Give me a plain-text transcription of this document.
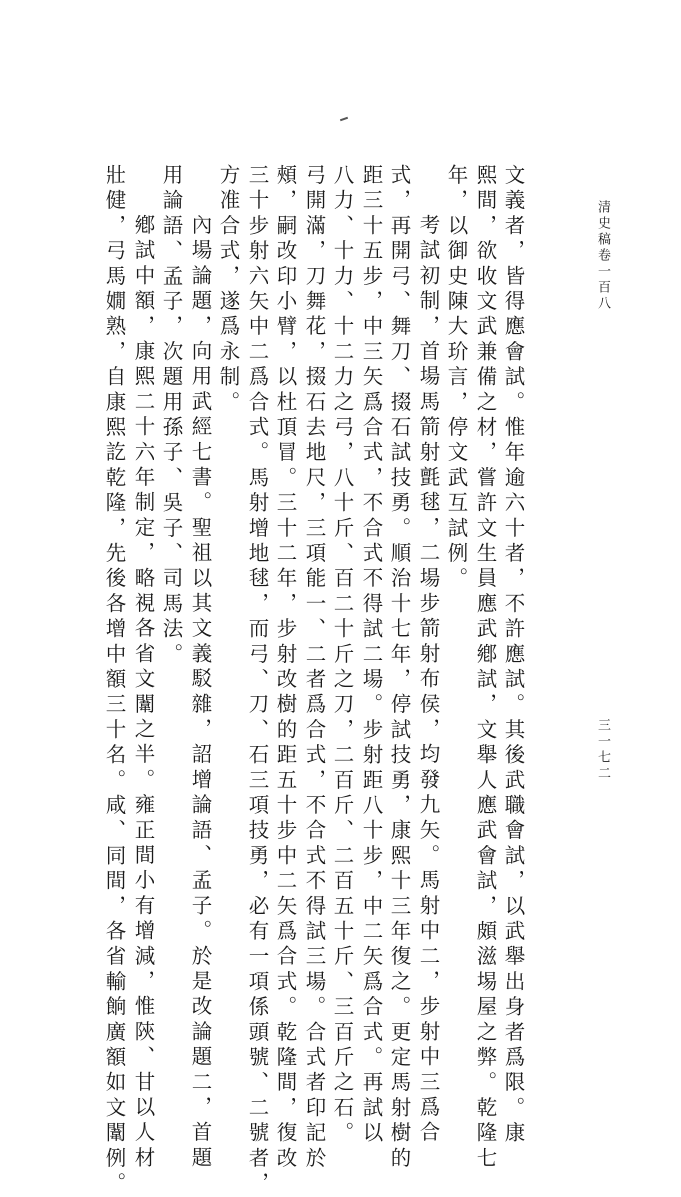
清史稿卷一百八
三一七二
文義者，皆得應會試。惟年逾六十者，不許應試。其後武職會試，以武舉出身者爲限。康
熙間，欲收文武兼備之材，嘗許文生員應武鄕試，文舉人應武會試，頗滋埸屋之弊。乾隆七
年，以御史陳大玠言，停文武互試例。
考試初制，首場馬箭射氈毬，二場步箭射布侯，均發九矢。馬射中二，步射中三爲合
式，再開弓、舞刀、掇石試技勇。順治十七年，停試技勇，康熙十三年復之。更定馬射樹的
距三十五步，中三矢爲合式，不合式不得試二場。步射距八十步，中二矢爲合式。再試以
八力、十力、十二力之弓，八十斤、百二十斤之刀，二百斤、二百五十斤、三百斤之石。
弓開滿，刀舞花，掇石去地尺，三項能一、二者爲合式，不合式不得試三場。合式者印記於
頰，嗣改印小臂，以杜頂冒。三十二年，步射改樹的距五十步中二矢爲合式。乾隆間，復改
三十步射六矢中二爲合式。馬射增地毬，而弓、刀、石三項技勇，必有一項係頭號、二號者，
方准合式，遂爲永制。
內場論題，向用武經七書。聖祖以其文義駁雜，詔增論語、孟子。於是改論題二，首題
用論語、孟子，次題用孫子、吳子、司馬法。
鄕試中額，康熙二十六年制定，略視各省文闈之半。雍正間小有增減，惟陝、甘以人材
壯健，弓馬嫺熟，自康熙訖乾隆，先後各增中額三十名。咸、同間，各省輸餉廣額如文闈例。
